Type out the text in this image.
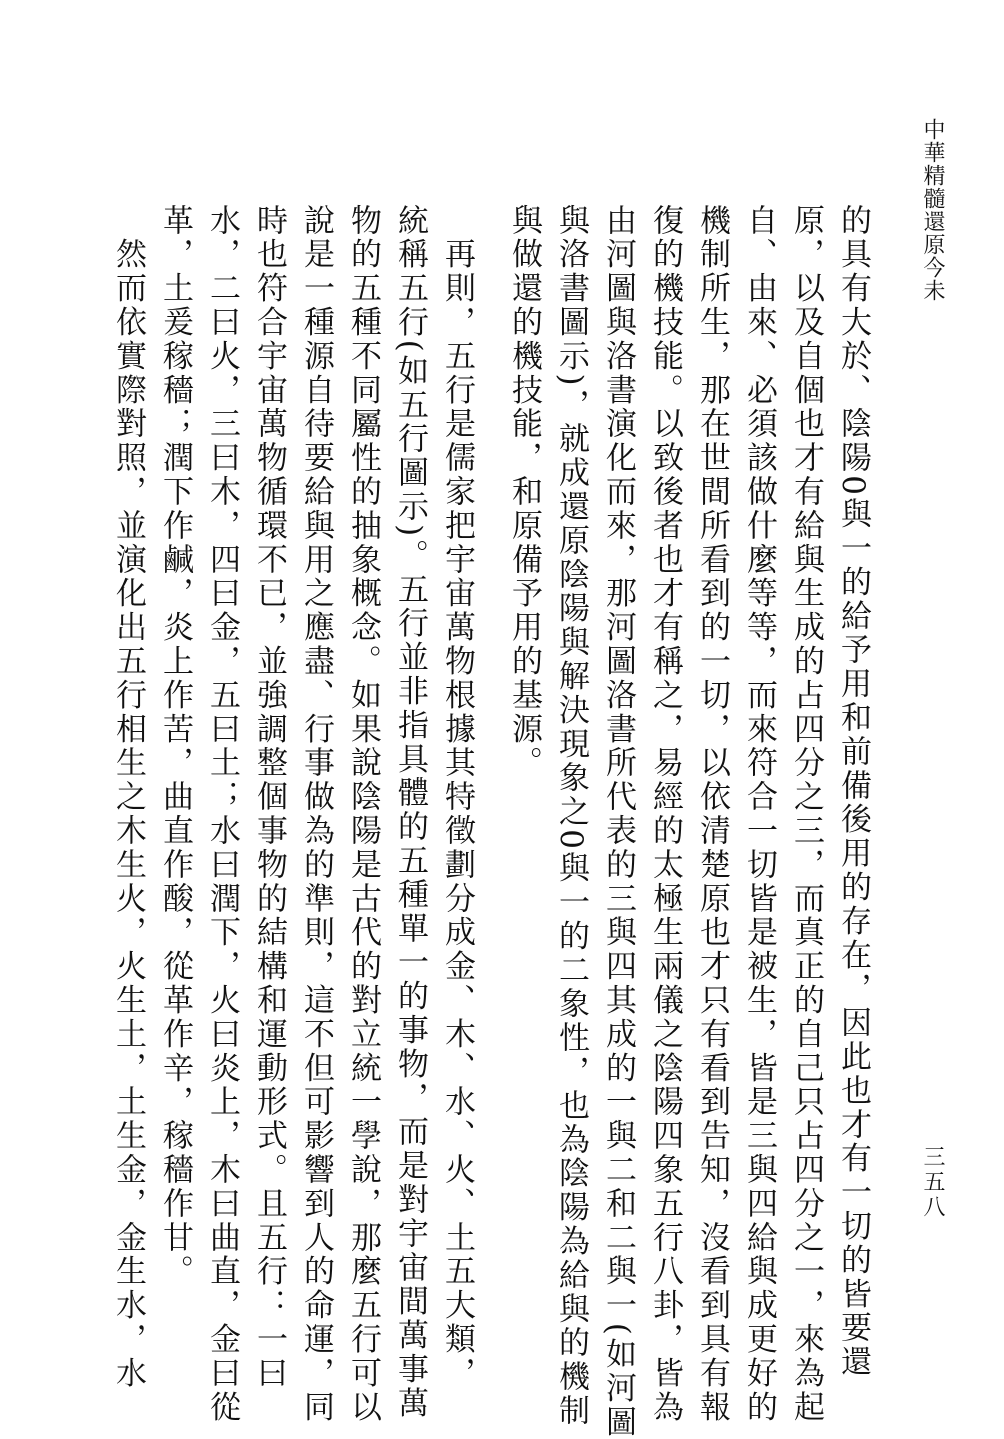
中華精髓還原今未
三五八
的具有大於、陰陽0與一的給予用和前備後用的存在，因此也才有一切的皆要還
原，以及自個也才有給與生成的占四分之三，而真正的自己只占四分之一，來為起
自、由來、必須該做什麼等等，而來符合一切皆是被生，皆是三與四給與成更好的
機制所生，那在世間所看到的一切，以依清楚原也才只有看到告知，沒看到具有報
復的機技能。以致後者也才有稱之，易經的太極生兩儀之陰陽四象五行八卦，皆為
由河圖與洛書演化而來，那河圖洛書所代表的三與四其成的一與二和二與一(如河圖
與洛書圖示)，就成還原陰陽與解決現象之0與一的二象性，也為陰陽為給與的機制
與做還的機技能，和原備予用的基源。
　再則，五行是儒家把宇宙萬物根據其特徵劃分成金、木、水、火、土五大類，
統稱五行(如五行圖示)。五行並非指具體的五種單一的事物，而是對宇宙間萬事萬
物的五種不同屬性的抽象概念。如果說陰陽是古代的對立統一學說，那麼五行可以
說是一種源自待要給與用之應盡、行事做為的準則，這不但可影響到人的命運，同
時也符合宇宙萬物循環不已，並強調整個事物的結構和運動形式。且五行：一曰
水，二曰火，三曰木，四曰金，五曰土；水曰潤下，火曰炎上，木曰曲直，金曰從
革，土爰稼穡；潤下作鹹，炎上作苦，曲直作酸，從革作辛，稼穡作甘。
　然而依實際對照，並演化出五行相生之木生火，火生土，土生金，金生水，水
